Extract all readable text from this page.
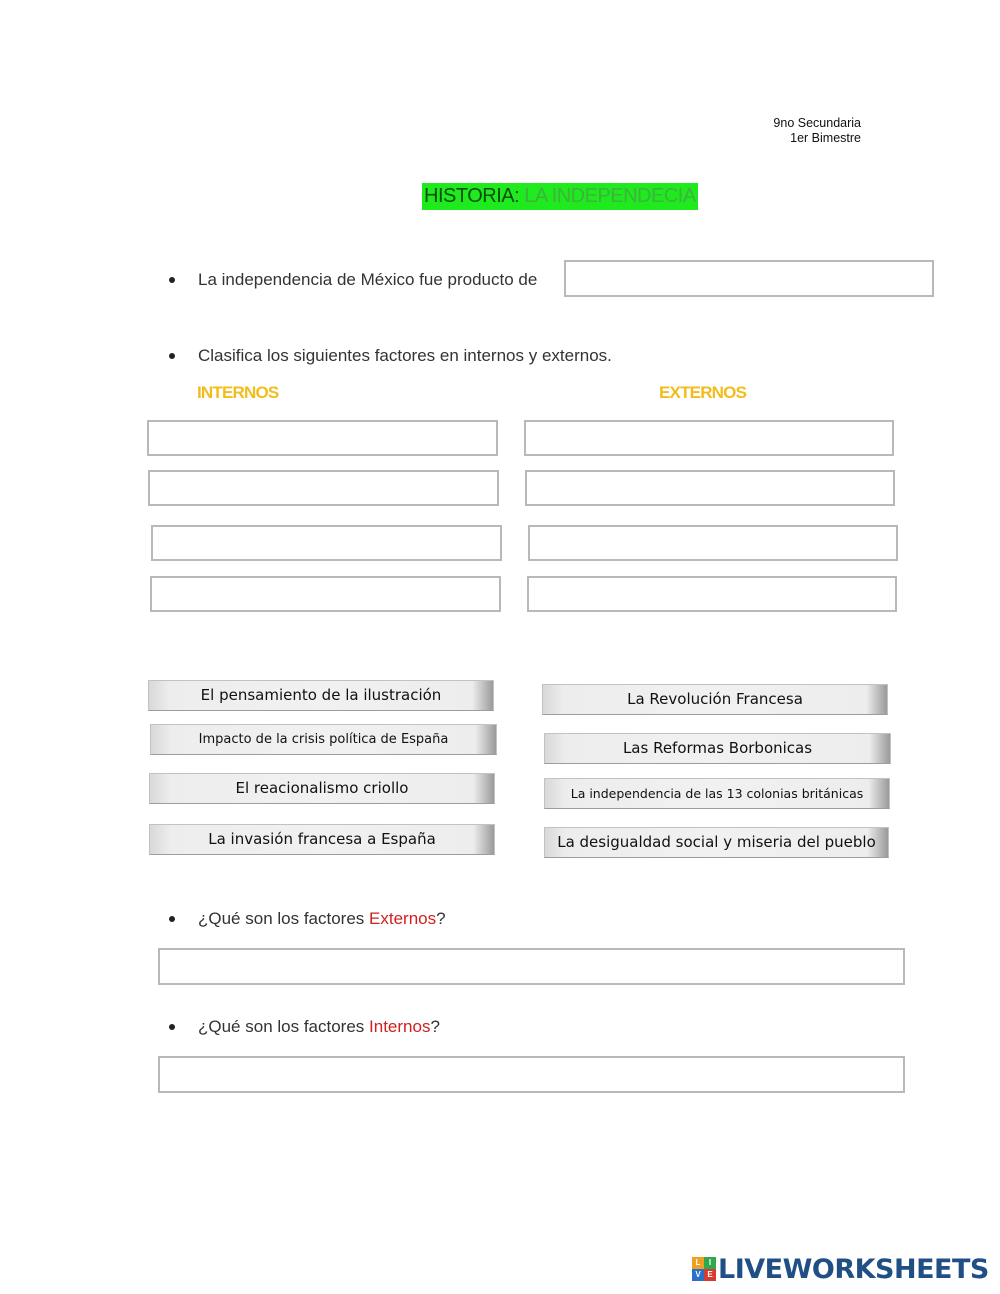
9no Secundaria
1er Bimestre
HISTORIA: LA INDEPENDECIA
La independencia de México fue producto de
Clasifica los siguientes factores en internos y externos.
INTERNOS	EXTERNOS
El pensamiento de la ilustración
Impacto de la crisis política de España
El reacionalismo criollo
La invasión francesa a España
La Revolución Francesa
Las Reformas Borbonicas
La independencia de las 13 colonias británicas
La desigualdad social y miseria del pueblo
¿Qué son los factores Externos?
¿Qué son los factores Internos?
L	I
V E LIVEWORKSHEETS
